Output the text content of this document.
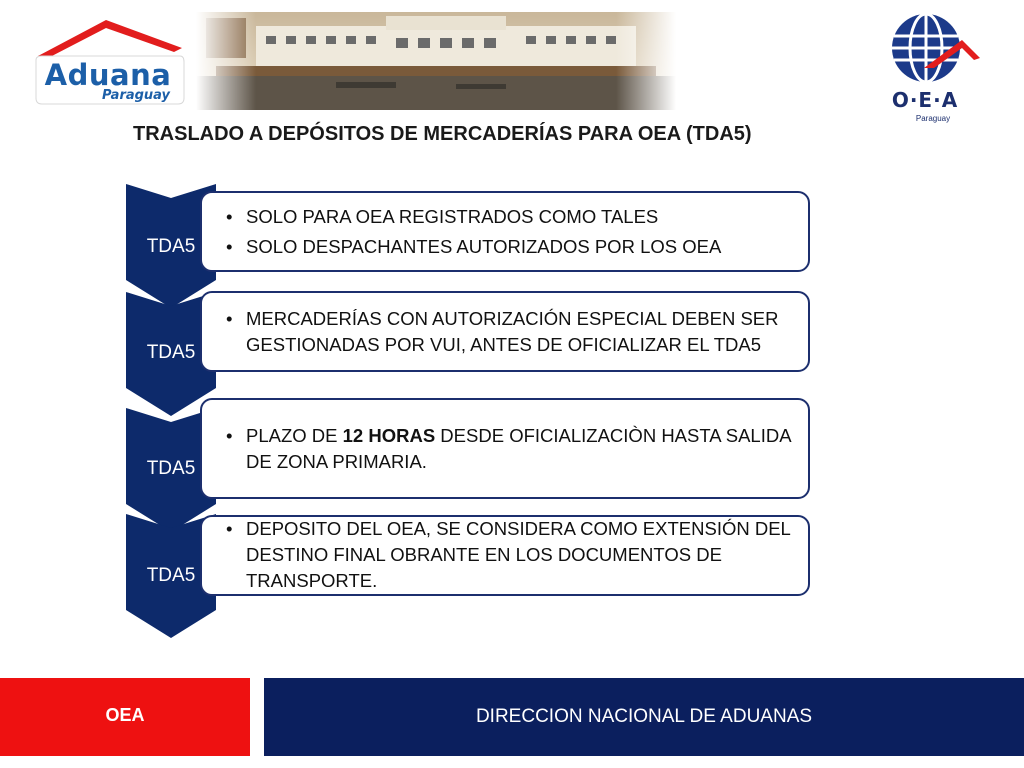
Aduana
Paraguay	O·E·A
Paraguay
TRASLADO A DEPÓSITOS DE MERCADERÍAS PARA OEA (TDA5)
TDA5
• SOLO PARA OEA REGISTRADOS COMO TALES
• SOLO DESPACHANTES AUTORIZADOS POR LOS OEA
TDA5
• MERCADERÍAS CON AUTORIZACIÓN ESPECIAL DEBEN SER GESTIONADAS POR VUI, ANTES DE OFICIALIZAR EL TDA5
TDA5
• PLAZO DE 12 HORAS DESDE OFICIALIZACIÒN HASTA SALIDA DE ZONA PRIMARIA.
TDA5
• DEPOSITO DEL OEA, SE CONSIDERA COMO EXTENSIÓN DEL DESTINO FINAL OBRANTE EN LOS DOCUMENTOS DE TRANSPORTE.
OEA	DIRECCION NACIONAL DE ADUANAS
